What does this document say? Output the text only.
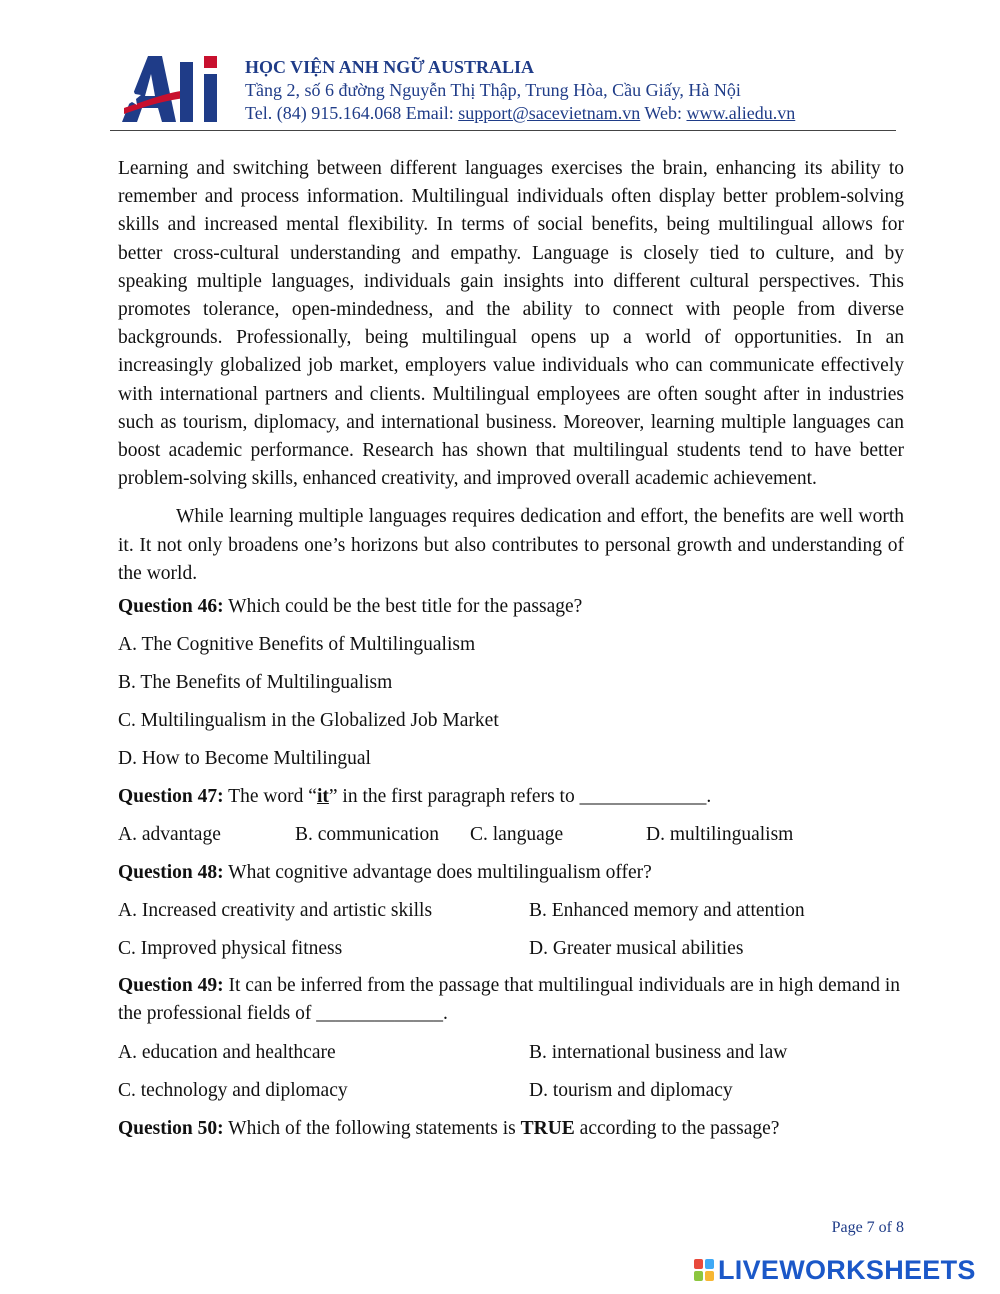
HỌC VIỆN ANH NGỮ AUSTRALIA
Tầng 2, số 6 đường Nguyễn Thị Thập, Trung Hòa, Cầu Giấy, Hà Nội
Tel. (84) 915.164.068 Email: support@sacevietnam.vn Web: www.aliedu.vn

Learning and switching between different languages exercises the brain, enhancing its ability to remember and process information. Multilingual individuals often display better problem-solving skills and increased mental flexibility. In terms of social benefits, being multilingual allows for better cross-cultural understanding and empathy. Language is closely tied to culture, and by speaking multiple languages, individuals gain insights into different cultural perspectives. This promotes tolerance, open-mindedness, and the ability to connect with people from diverse backgrounds. Professionally, being multilingual opens up a world of opportunities. In an increasingly globalized job market, employers value individuals who can communicate effectively with international partners and clients. Multilingual employees are often sought after in industries such as tourism, diplomacy, and international business. Moreover, learning multiple languages can boost academic performance. Research has shown that multilingual students tend to have better problem-solving skills, enhanced creativity, and improved overall academic achievement.

While learning multiple languages requires dedication and effort, the benefits are well worth it. It not only broadens one’s horizons but also contributes to personal growth and understanding of the world.

Question 46: Which could be the best title for the passage?
A. The Cognitive Benefits of Multilingualism
B. The Benefits of Multilingualism
C. Multilingualism in the Globalized Job Market
D. How to Become Multilingual
Question 47: The word “it” in the first paragraph refers to _____________.
A. advantage	B. communication C. language	D. multilingualism
Question 48: What cognitive advantage does multilingualism offer?
A. Increased creativity and artistic skills	B. Enhanced memory and attention
C. Improved physical fitness	D. Greater musical abilities
Question 49: It can be inferred from the passage that multilingual individuals are in high demand in the professional fields of _____________.
A. education and healthcare	B. international business and law
C. technology and diplomacy	D. tourism and diplomacy
Question 50: Which of the following statements is TRUE according to the passage?
Page 7 of 8
LIVEWORKSHEETS
